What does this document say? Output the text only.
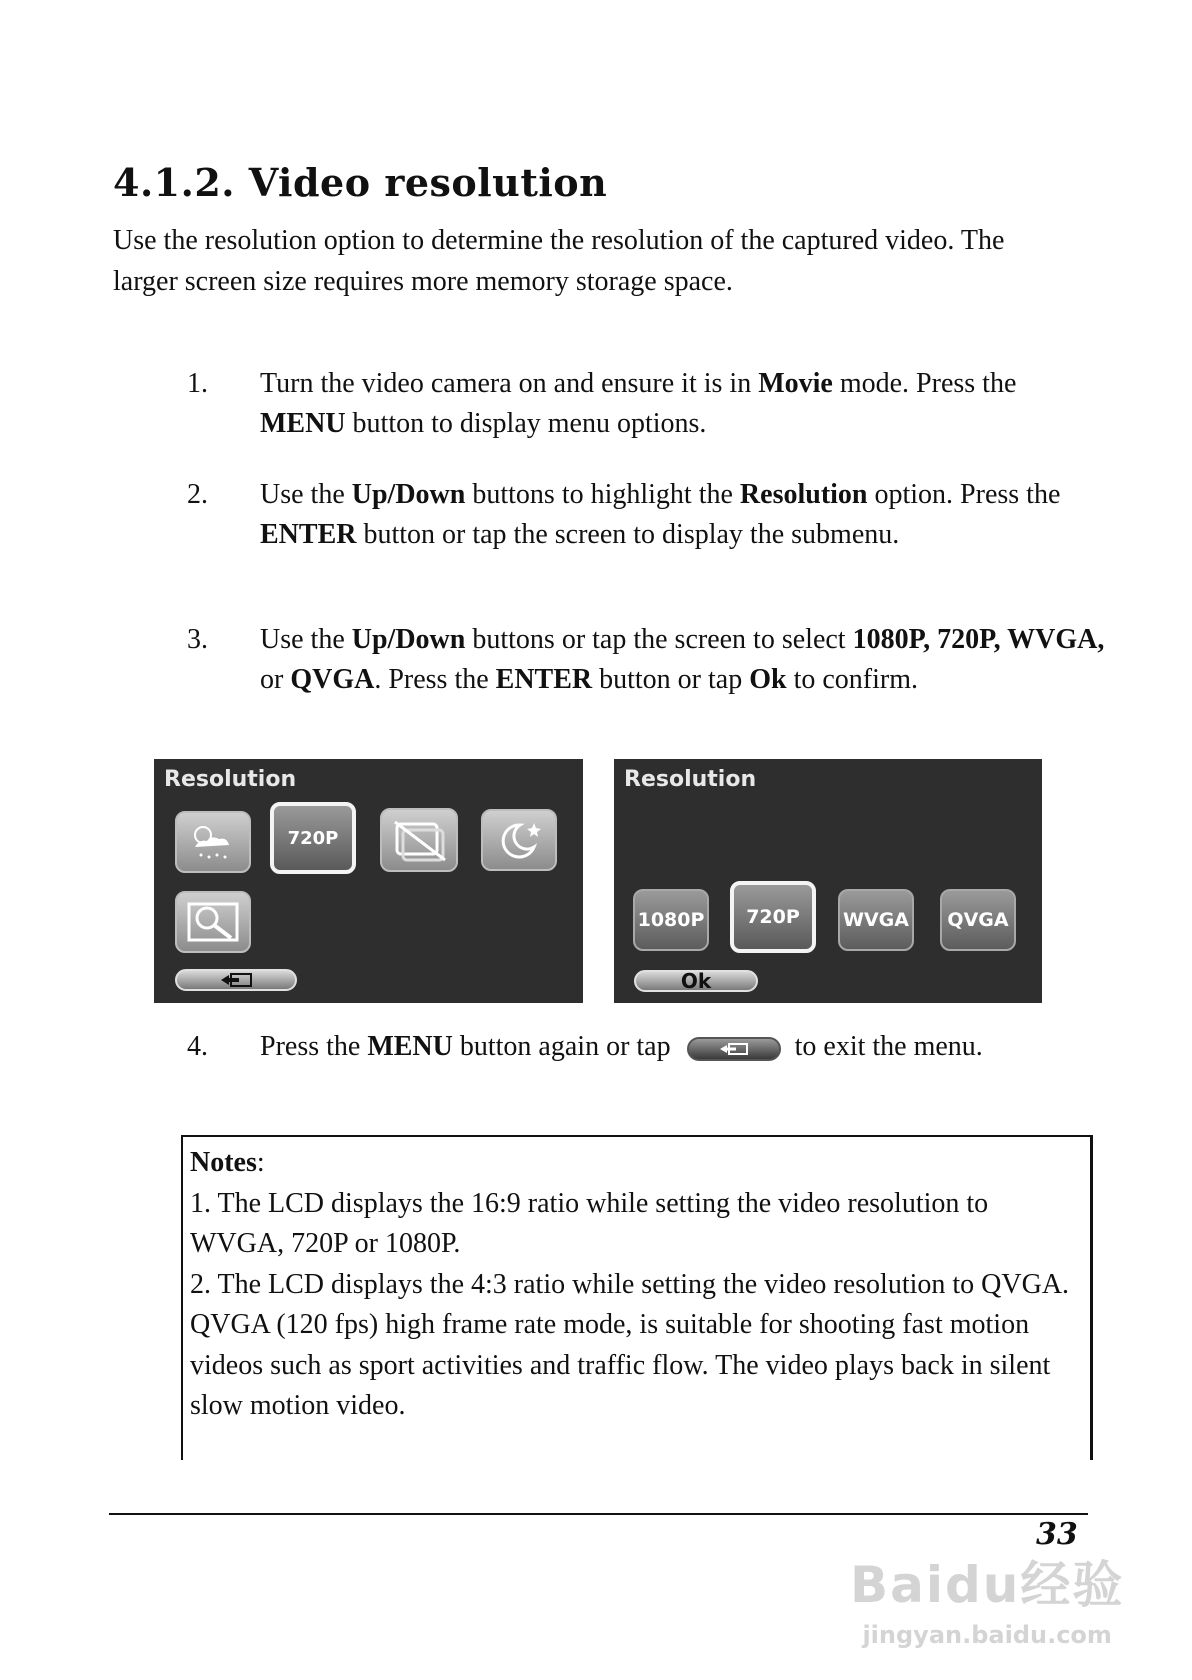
4.1.2. Video resolution

Use the resolution option to determine the resolution of the captured video. The larger screen size requires more memory storage space.

1. Turn the video camera on and ensure it is in Movie mode. Press the MENU button to display menu options.
2. Use the Up/Down buttons to highlight the Resolution option. Press the ENTER button or tap the screen to display the submenu.
3. Use the Up/Down buttons or tap the screen to select 1080P, 720P, WVGA, or QVGA. Press the ENTER button or tap Ok to confirm.
Resolution
720P
Resolution
1080P 720P WVGA QVGA
Ok
4. Press the MENU button again or tap	to exit the menu.

Notes:

1. The LCD displays the 16:9 ratio while setting the video resolution to WVGA, 720P or 1080P.

2. The LCD displays the 4:3 ratio while setting the video resolution to QVGA. QVGA (120 fps) high frame rate mode, is suitable for shooting fast motion videos such as sport activities and traffic flow. The video plays back in silent slow motion video.

33
Baidu经验
jingyan.baidu.com
